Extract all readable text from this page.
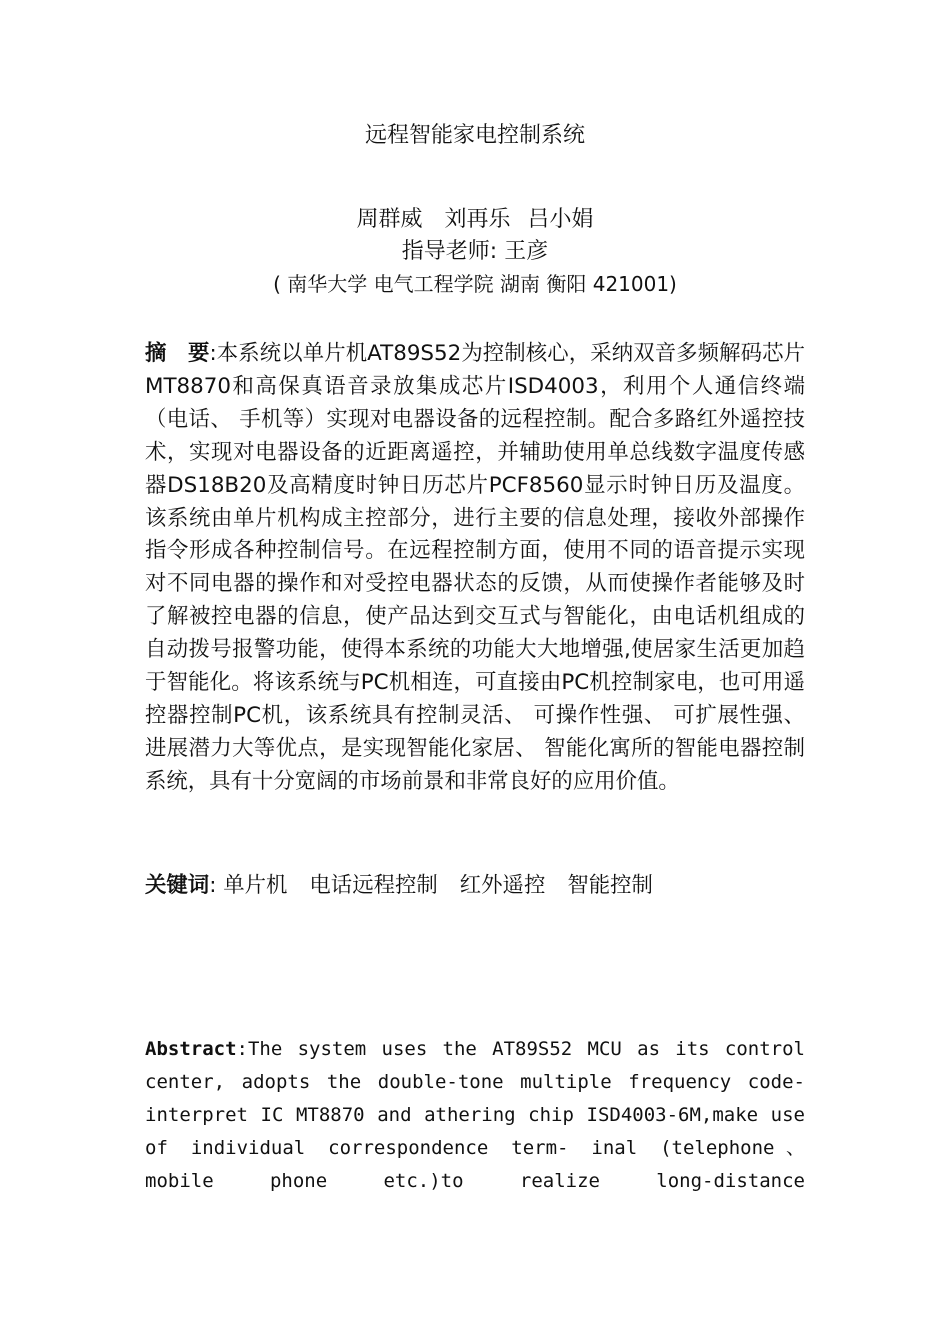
远程智能家电控制系统
周群威　刘再乐 吕小娟
指导老师: 王彦
( 南华大学 电气工程学院 湖南 衡阳 421001)
摘　要:本系统以单片机AT89S52为控制核心，采纳双音多频解码芯片MT8870和高保真语音录放集成芯片ISD4003，利用个人通信终端（电话、 手机等）实现对电器设备的远程控制。配合多路红外遥控技术，实现对电器设备的近距离遥控，并辅助使用单总线数字温度传感器DS18B20及高精度时钟日历芯片PCF8560显示时钟日历及温度。该系统由单片机构成主控部分，进行主要的信息处理，接收外部操作指令形成各种控制信号。在远程控制方面，使用不同的语音提示实现对不同电器的操作和对受控电器状态的反馈，从而使操作者能够及时了解被控电器的信息，使产品达到交互式与智能化，由电话机组成的自动拨号报警功能，使得本系统的功能大大地增强,使居家生活更加趋于智能化。将该系统与PC机相连，可直接由PC机控制家电，也可用遥控器控制PC机，该系统具有控制灵活、 可操作性强、 可扩展性强、 进展潜力大等优点，是实现智能化家居、 智能化寓所的智能电器控制系统，具有十分宽阔的市场前景和非常良好的应用价值。
关键词: 单片机 电话远程控制 红外遥控 智能控制
Abstract:The system uses the AT89S52 MCU as its control center, adopts the double-tone multiple frequency code-interpret IC MT8870 and athering chip ISD4003-6M,make use of individual correspondence term- inal (telephone、 mobile phone etc.)to realize long-distance
